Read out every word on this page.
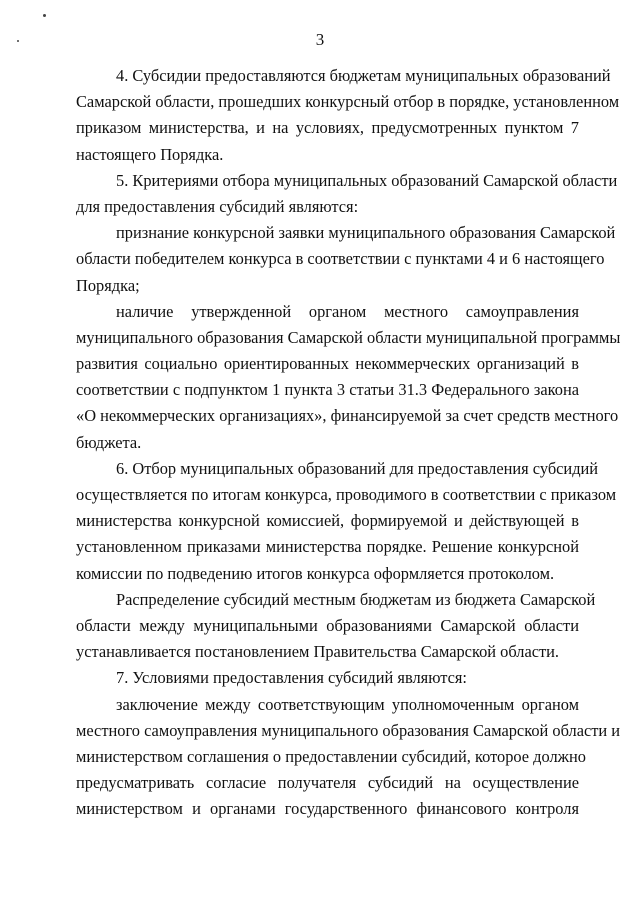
3
4. Субсидии предоставляются бюджетам муниципальных образований
Самарской области, прошедших конкурсный отбор в порядке, установленном
приказом министерства, и на условиях, предусмотренных пунктом 7
настоящего Порядка.
5. Критериями отбора муниципальных образований Самарской области
для предоставления субсидий являются:
признание конкурсной заявки муниципального образования Самарской
области победителем конкурса в соответствии с пунктами 4 и 6 настоящего
Порядка;
наличие утвержденной органом местного самоуправления
муниципального образования Самарской области муниципальной программы
развития социально ориентированных некоммерческих организаций в
соответствии с подпунктом 1 пункта 3 статьи 31.3 Федерального закона
«О некоммерческих организациях», финансируемой за счет средств местного
бюджета.
6. Отбор муниципальных образований для предоставления субсидий
осуществляется по итогам конкурса, проводимого в соответствии с приказом
министерства конкурсной комиссией, формируемой и действующей в
установленном приказами министерства порядке. Решение конкурсной
комиссии по подведению итогов конкурса оформляется протоколом.
Распределение субсидий местным бюджетам из бюджета Самарской
области между муниципальными образованиями Самарской области
устанавливается постановлением Правительства Самарской области.
7. Условиями предоставления субсидий являются:
заключение между соответствующим уполномоченным органом
местного самоуправления муниципального образования Самарской области и
министерством соглашения о предоставлении субсидий, которое должно
предусматривать согласие получателя субсидий на осуществление
министерством и органами государственного финансового контроля
